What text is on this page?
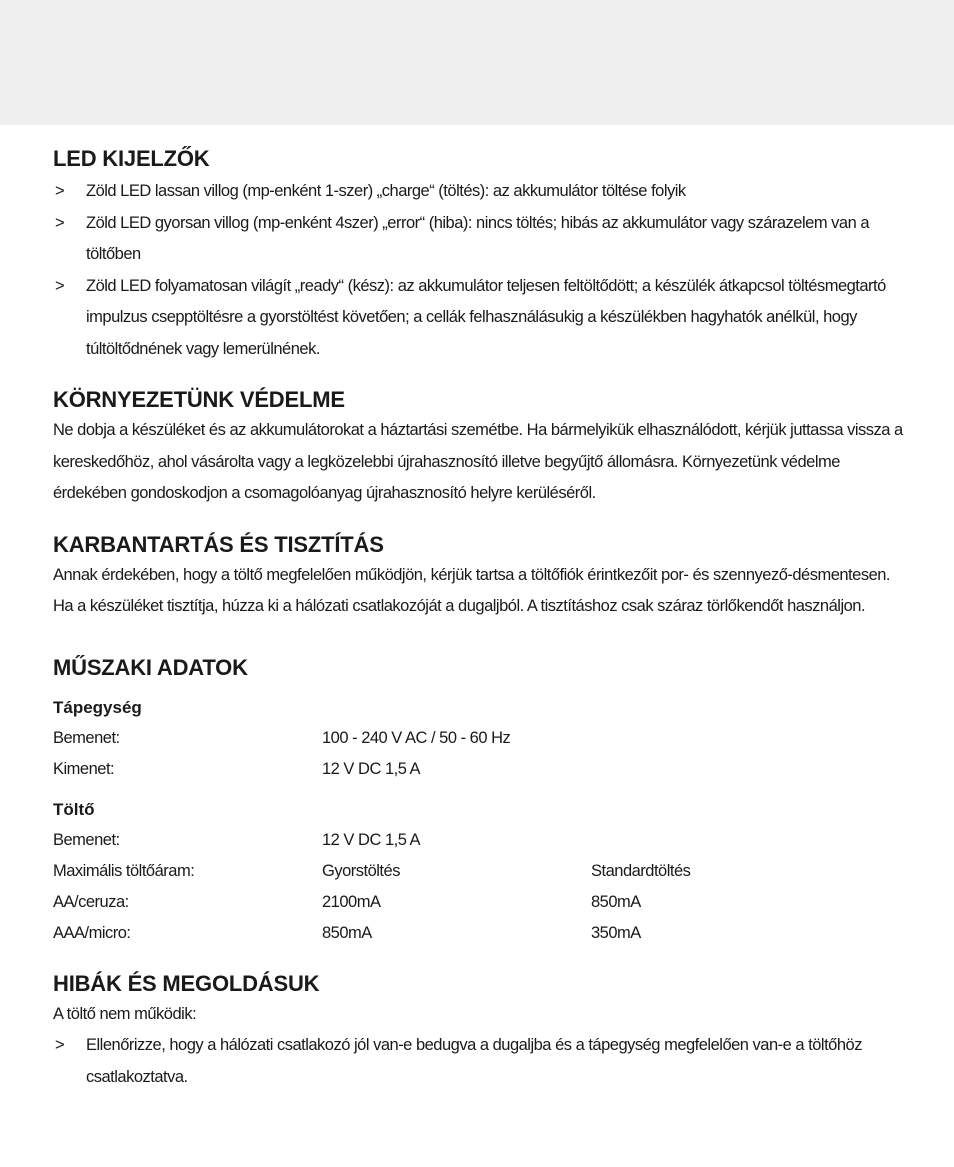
LED KIJELZŐK
> Zöld LED lassan villog (mp-enként 1-szer) „charge“ (töltés): az akkumulátor töltése folyik
> Zöld LED gyorsan villog (mp-enként 4szer) „error“ (hiba): nincs töltés; hibás az akkumulátor vagy szárazelem van a töltőben
> Zöld LED folyamatosan világít „ready“ (kész): az akkumulátor teljesen feltöltődött; a készülék átkapcsol töltésmegtartó impulzus csepptöltésre a gyorstöltést követően; a cellák felhasználásukig a készülékben hagyhatók anélkül, hogy túltöltődnének vagy lemerülnének.
KÖRNYEZETÜNK VÉDELME

Ne dobja a készüléket és az akkumulátorokat a háztartási szemétbe. Ha bármelyikük elhasználódott, kérjük juttassa vissza a kereskedőhöz, ahol vásárolta vagy a legközelebbi újrahasznosító illetve begyűjtő állomásra. Környezetünk védelme érdekében gondoskodjon a csomagolóanyag újrahasznosító helyre kerüléséről.

KARBANTARTÁS ÉS TISZTÍTÁS

Annak érdekében, hogy a töltő megfelelően működjön, kérjük tartsa a töltőfiók érintkezőit por- és szennyező-désmentesen. Ha a készüléket tisztítja, húzza ki a hálózati csatlakozóját a dugaljból. A tisztításhoz csak száraz törlőkendőt használjon.

MŰSZAKI ADATOK
Tápegység
Bemenet:	100 - 240 V AC / 50 - 60 Hz
Kimenet:	12 V DC 1,5 A
Töltő
Bemenet:	12 V DC 1,5 A
Maximális töltőáram:	Gyorstöltés	Standardtöltés
AA/ceruza:	2100mA	850mA
AAA/micro:	850mA	350mA
HIBÁK ÉS MEGOLDÁSUK

A töltő nem működik:

> Ellenőrizze, hogy a hálózati csatlakozó jól van-e bedugva a dugaljba és a tápegység megfelelően van-e a töltőhöz csatlakoztatva.
